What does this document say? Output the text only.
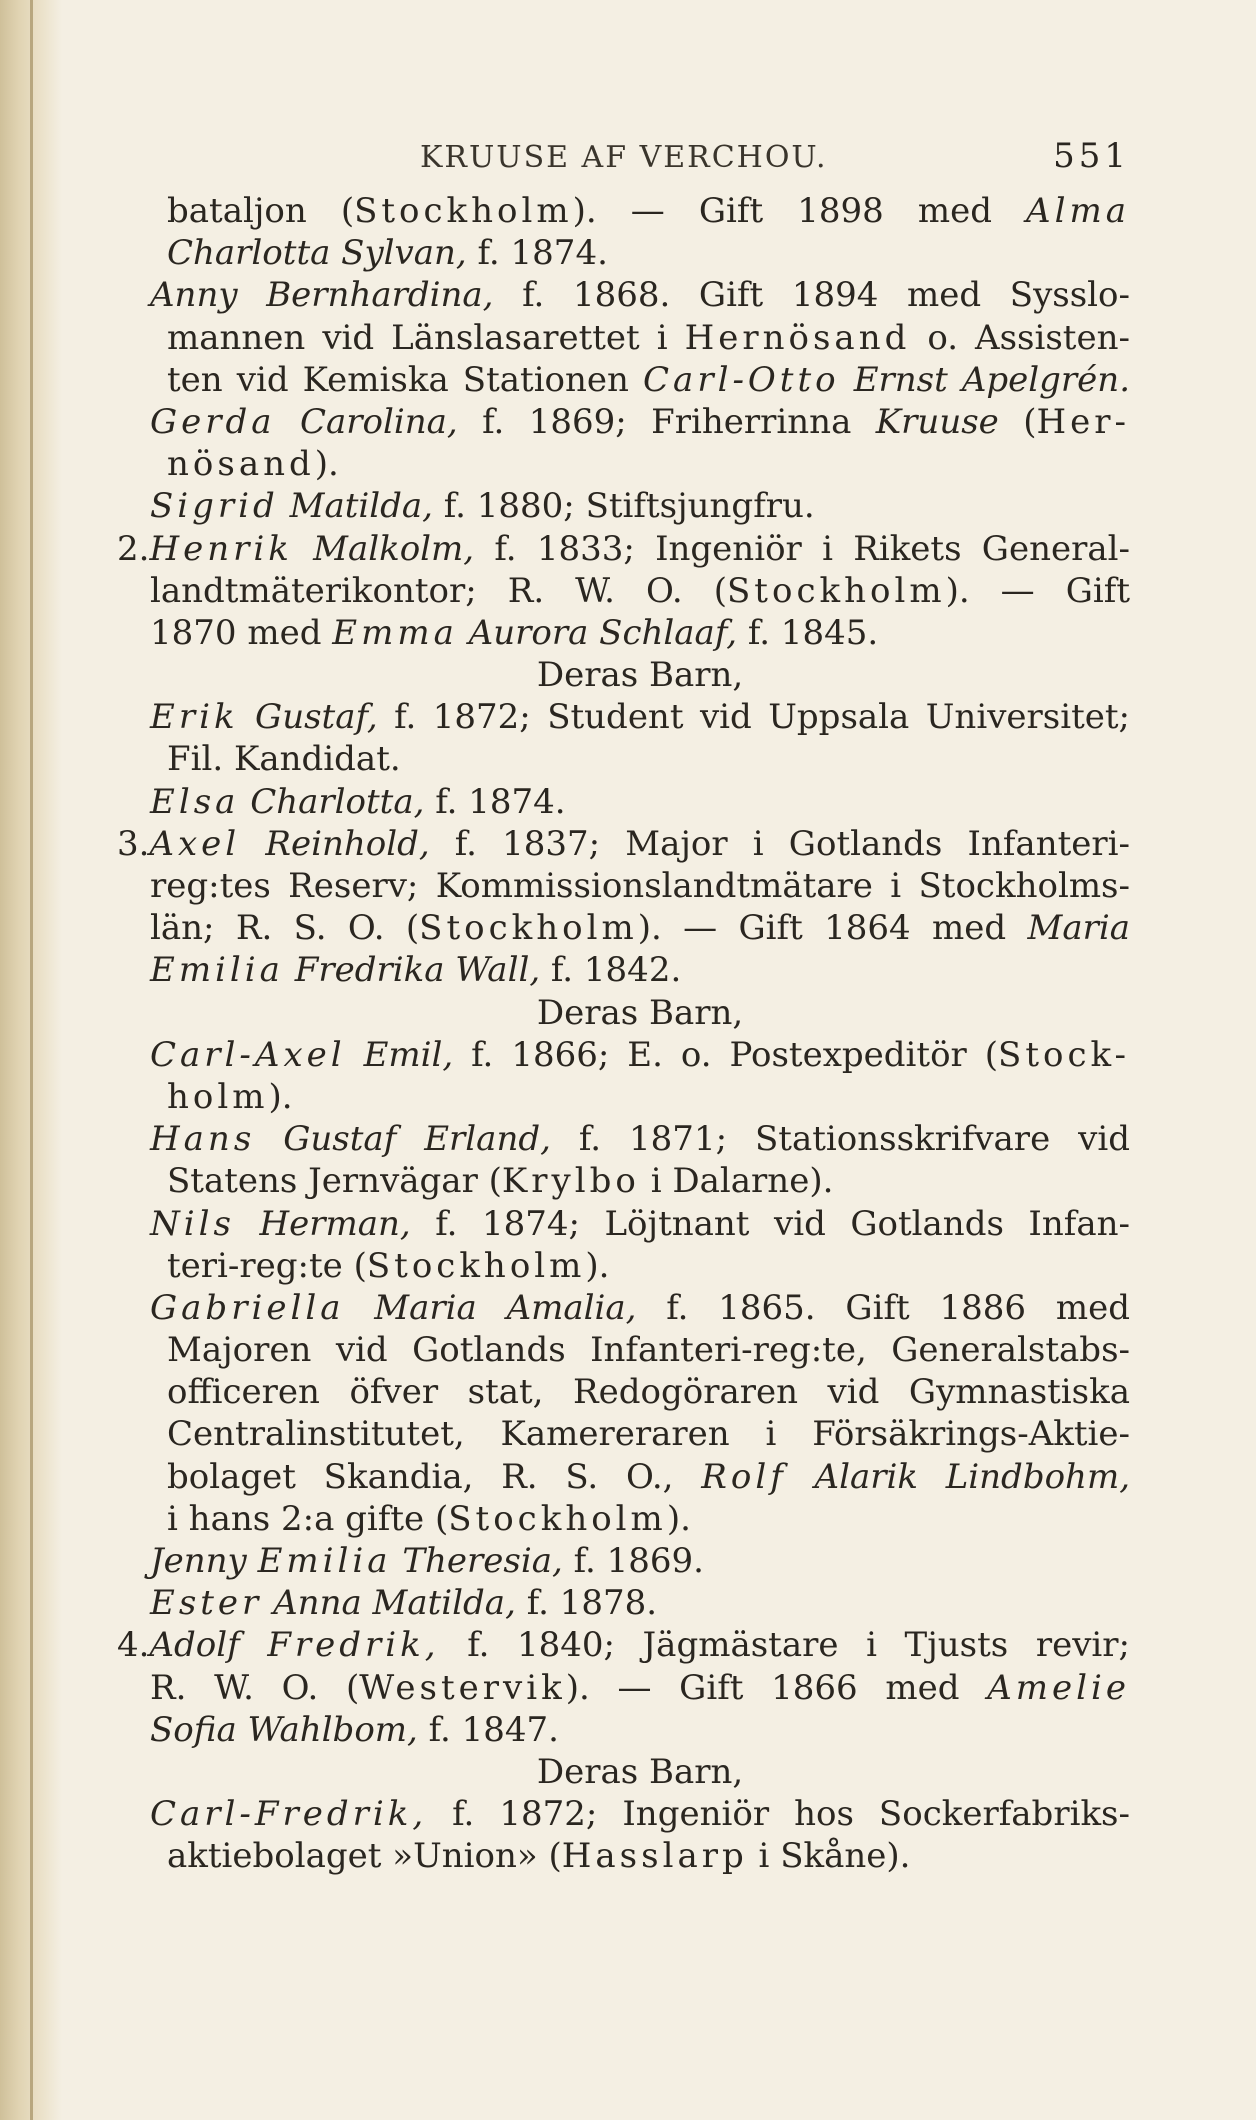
KRUUSE AF VERCHOU.	551
bataljon (Stockholm). — Gift 1898 med Alma
Charlotta Sylvan, f. 1874.
Anny Bernhardina, f. 1868. Gift 1894 med Sysslo-
mannen vid Länslasarettet i Hernösand o. Assisten-
ten vid Kemiska Stationen Carl-Otto Ernst Apelgrén.
Gerda Carolina, f. 1869; Friherrinna Kruuse (Her-
nösand).
Sigrid Matilda, f. 1880; Stiftsjungfru.
2.Henrik Malkolm, f. 1833; Ingeniör i Rikets General-
landtmäterikontor; R. W. O. (Stockholm). — Gift
1870 med Emma Aurora Schlaaf, f. 1845.
Deras Barn,
Erik Gustaf, f. 1872; Student vid Uppsala Universitet;
Fil. Kandidat.
Elsa Charlotta, f. 1874.
3.Axel Reinhold, f. 1837; Major i Gotlands Infanteri-
reg:tes Reserv; Kommissionslandtmätare i Stockholms-
län; R. S. O. (Stockholm). — Gift 1864 med Maria
Emilia Fredrika Wall, f. 1842.
Deras Barn,
Carl-Axel Emil, f. 1866; E. o. Postexpeditör (Stock-
holm).
Hans Gustaf Erland, f. 1871; Stationsskrifvare vid
Statens Jernvägar (Krylbo i Dalarne).
Nils Herman, f. 1874; Löjtnant vid Gotlands Infan-
teri-reg:te (Stockholm).
Gabriella Maria Amalia, f. 1865. Gift 1886 med
Majoren vid Gotlands Infanteri-reg:te, Generalstabs-
officeren öfver stat, Redogöraren vid Gymnastiska
Centralinstitutet, Kamereraren i Försäkrings-Aktie-
bolaget Skandia, R. S. O., Rolf Alarik Lindbohm,
i hans 2:a gifte (Stockholm).
Jenny Emilia Theresia, f. 1869.
Ester Anna Matilda, f. 1878.
4.Adolf Fredrik, f. 1840; Jägmästare i Tjusts revir;
R. W. O. (Westervik). — Gift 1866 med Amelie
Sofia Wahlbom, f. 1847.
Deras Barn,
Carl-Fredrik, f. 1872; Ingeniör hos Sockerfabriks-
aktiebolaget »Union» (Hasslarp i Skåne).
